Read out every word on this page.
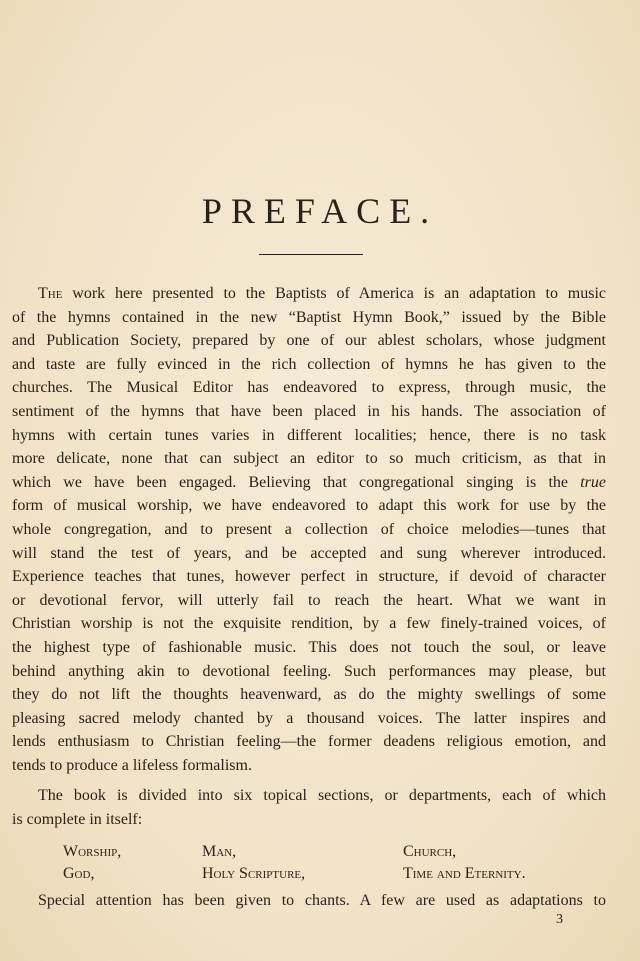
PREFACE.
The work here presented to the Baptists of America is an adaptation to music
of the hymns contained in the new “Baptist Hymn Book,” issued by the Bible
and Publication Society, prepared by one of our ablest scholars, whose judgment
and taste are fully evinced in the rich collection of hymns he has given to the
churches. The Musical Editor has endeavored to express, through music, the
sentiment of the hymns that have been placed in his hands. The association of
hymns with certain tunes varies in different localities; hence, there is no task
more delicate, none that can subject an editor to so much criticism, as that in
which we have been engaged. Believing that congregational singing is the true
form of musical worship, we have endeavored to adapt this work for use by the
whole congregation, and to present a collection of choice melodies—tunes that
will stand the test of years, and be accepted and sung wherever introduced.
Experience teaches that tunes, however perfect in structure, if devoid of character
or devotional fervor, will utterly fail to reach the heart. What we want in
Christian worship is not the exquisite rendition, by a few finely-trained voices, of
the highest type of fashionable music. This does not touch the soul, or leave
behind anything akin to devotional feeling. Such performances may please, but
they do not lift the thoughts heavenward, as do the mighty swellings of some
pleasing sacred melody chanted by a thousand voices. The latter inspires and
lends enthusiasm to Christian feeling—the former deadens religious emotion, and
tends to produce a lifeless formalism.
The book is divided into six topical sections, or departments, each of which
is complete in itself:
Worship,	Man,	Church,
God,	Holy Scripture,	Time and Eternity.
Special attention has been given to chants. A few are used as adaptations to
3
